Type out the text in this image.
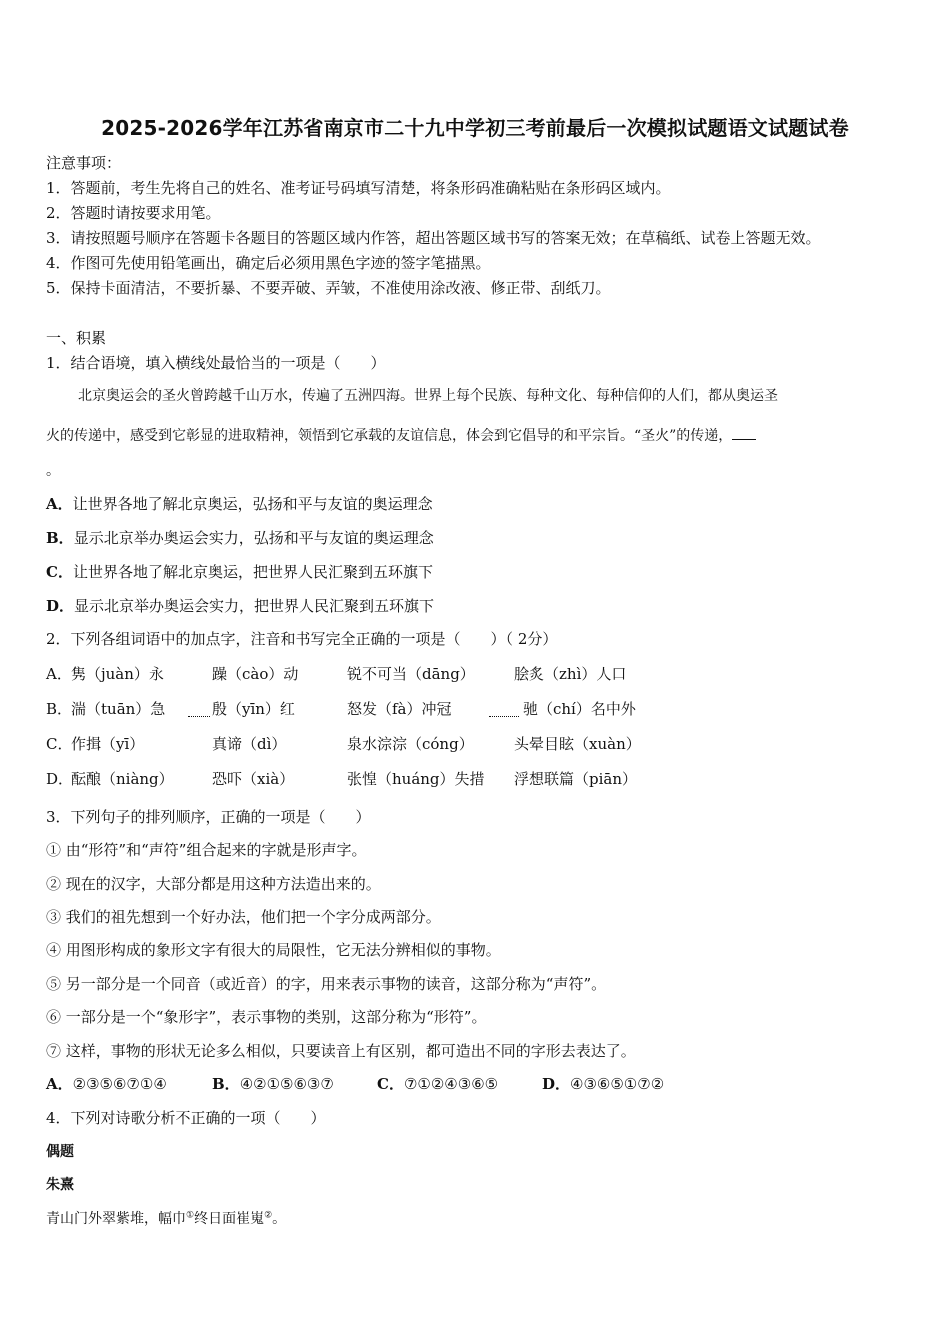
2025-2026学年江苏省南京市二十九中学初三考前最后一次模拟试题语文试题试卷
注意事项：
1．答题前，考生先将自己的姓名、准考证号码填写清楚，将条形码准确粘贴在条形码区域内。
2．答题时请按要求用笔。
3．请按照题号顺序在答题卡各题目的答题区域内作答，超出答题区域书写的答案无效；在草稿纸、试卷上答题无效。
4．作图可先使用铅笔画出，确定后必须用黑色字迹的签字笔描黑。
5．保持卡面清洁，不要折暴、不要弄破、弄皱，不准使用涂改液、修正带、刮纸刀。
一、积累
1．结合语境，填入横线处最恰当的一项是（　　）
北京奥运会的圣火曾跨越千山万水，传遍了五洲四海。世界上每个民族、每种文化、每种信仰的人们，都从奥运圣
火的传递中，感受到它彰显的进取精神，领悟到它承载的友谊信息，体会到它倡导的和平宗旨。“圣火”的传递，
。
A．让世界各地了解北京奥运，弘扬和平与友谊的奥运理念
B．显示北京举办奥运会实力，弘扬和平与友谊的奥运理念
C．让世界各地了解北京奥运，把世界人民汇聚到五环旗下
D．显示北京举办奥运会实力，把世界人民汇聚到五环旗下
2．下列各组词语中的加点字，注音和书写完全正确的一项是（　　）（ 2分）
A． 隽（juàn）永	躁（cào）动	锐不可当（dāng）	脍炙（zhì）人口
B．
湍（tuān）急	殷（yīn）红	怒发（fà）冲冠	驰（chí）名中外
C．
作揖（yī）	真谛（dì）	泉水淙淙（cóng）	头晕目眩（xuàn）
D．
酝酿（niàng）	恐吓（xià）	张惶（huáng）失措 浮想联篇（piān）
3．下列句子的排列顺序，正确的一项是（　　）
① 由“形符”和“声符”组合起来的字就是形声字。
② 现在的汉字，大部分都是用这种方法造出来的。
③ 我们的祖先想到一个好办法，他们把一个字分成两部分。
④ 用图形构成的象形文字有很大的局限性，它无法分辨相似的事物。
⑤ 另一部分是一个同音（或近音）的字，用来表示事物的读音，这部分称为“声符”。
⑥ 一部分是一个“象形字”，表示事物的类别，这部分称为“形符”。
⑦ 这样，事物的形状无论多么相似，只要读音上有区别，都可造出不同的字形去表达了。
A．②③⑤⑥⑦①④	B．④②①⑤⑥③⑦	C．⑦①②④③⑥⑤	D．④③⑥⑤①⑦②
4．下列对诗歌分析不正确的一项（　　）
偶题
朱熹
青山门外翠紫堆，幅巾①终日面崔嵬②。
